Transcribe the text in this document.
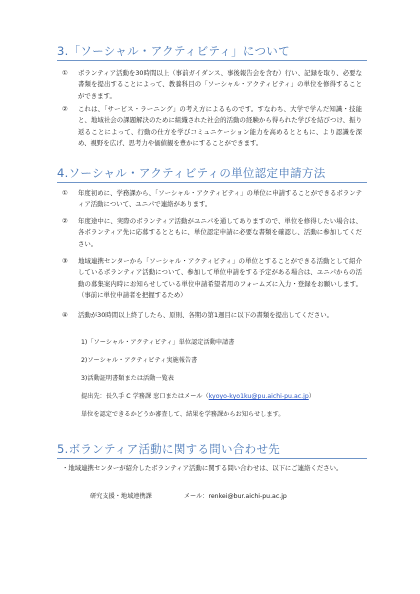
3.「ソーシャル・アクティビティ」について
①	ボランティア活動を30時間以上（事前ガイダンス、事後報告会を含む）行い、記録を取り、必要な書類を提出することによって、教養科目の「ソーシャル・アクティビティ」の単位を修得することができます。
②	これは、「サービス・ラーニング」の考え方によるものです。すなわち、大学で学んだ知識・技能と、地域社会の課題解決のために組織された社会的活動の経験から得られた学びを結びつけ、振り返ることによって、行動の仕方を学びコミュニケーション能力を高めるとともに、より認識を深め、視野を広げ、思考力や価値観を豊かにすることができます。
4.ソーシャル・アクティビティの単位認定申請方法
①	年度初めに、学務課から、「ソーシャル・アクティビティ」の単位に申請することができるボランティア活動について、ユニパで連絡があります。
②	年度途中に、実際のボランティア活動がユニパを通してありますので、単位を修得したい場合は、各ボランティア先に応募するとともに、単位認定申請に必要な書類を確認し、活動に参加してください。
③	地域連携センターから「ソーシャル・アクティビティ」の単位とすることができる活動として紹介しているボランティア活動について、参加して単位申請をする予定がある場合は、ユニパからの活動の募集案内時にお知らせしている単位申請希望者用のフォームズに入力・登録をお願いします。（事前に単位申請者を把握するため）
④	活動が30時間以上終了したら、原則、各期の第1週目に以下の書類を提出してください。
1)「ソーシャル・アクティビティ」単位認定活動申請書
2)ソーシャル・アクティビティ実施報告書
3)活動証明書類または活動一覧表
提出先：長久手 C 学務課 窓口またはメール（kyoyo-kyo1ku@pu.aichi-pu.ac.jp）
単位を認定できるかどうか審査して、結果を学務課からお知らせします。
5.ボランティア活動に関する問い合わせ先
・地域連携センターが紹介したボランティア活動に関する問い合わせは、以下にご連絡ください。
研究支援・地域連携課	メール：renkei@bur.aichi-pu.ac.jp
